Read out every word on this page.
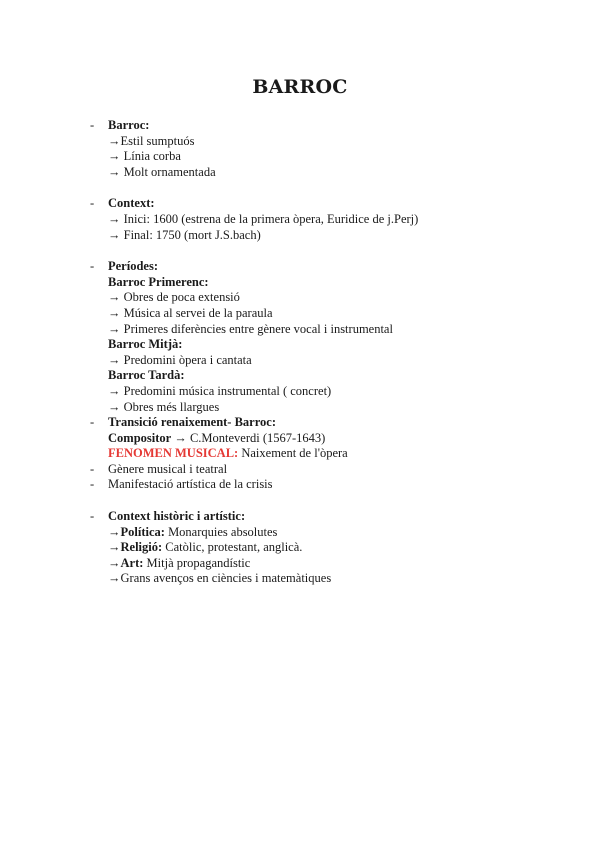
BARROC
-	Barroc:
→Estil sumptuós
→ Línia corba
→ Molt ornamentada
-	Context:
→ Inici: 1600 (estrena de la primera òpera, Euridice de j.Perj)
→ Final: 1750 (mort J.S.bach)
-	Períodes:
Barroc Primerenc:
→ Obres de poca extensió
→ Música al servei de la paraula
→ Primeres diferències entre gènere vocal i instrumental
Barroc Mitjà:
→ Predomini òpera i cantata
Barroc Tardà:
→ Predomini música instrumental ( concret)
→ Obres més llargues
-	Transició renaixement- Barroc:
Compositor → C.Monteverdi (1567-1643)
FENOMEN MUSICAL: Naixement de l'òpera
-	Gènere musical i teatral
-	Manifestació artística de la crisis
-	Context històric i artístic:
→Política: Monarquies absolutes
→Religió: Catòlic, protestant, anglicà.
→Art: Mitjà propagandístic
→Grans avenços en ciències i matemàtiques
